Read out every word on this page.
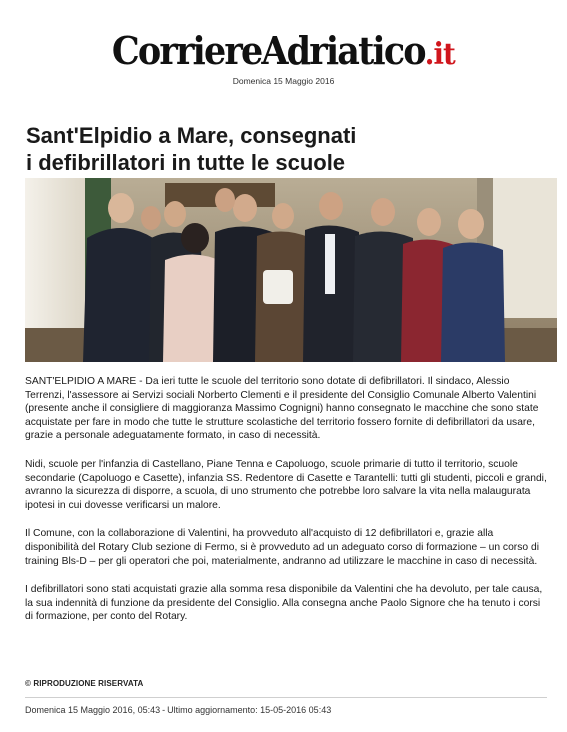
CorriereAdriatico.it
Domenica 15 Maggio 2016
Sant'Elpidio a Mare, consegnati
i defibrillatori in tutte le scuole

SANT'ELPIDIO A MARE - Da ieri tutte le scuole del territorio sono dotate di defibrillatori. Il sindaco, Alessio Terrenzi, l'assessore ai Servizi sociali Norberto Clementi e il presidente del Consiglio Comunale Alberto Valentini (presente anche il consigliere di maggioranza Massimo Cognigni) hanno consegnato le macchine che sono state acquistate per fare in modo che tutte le strutture scolastiche del territorio fossero fornite di defibrillatori da usare, grazie a personale adeguatamente formato, in caso di necessità.

Nidi, scuole per l'infanzia di Castellano, Piane Tenna e Capoluogo, scuole primarie di tutto il territorio, scuole secondarie (Capoluogo e Casette), infanzia SS. Redentore di Casette e Tarantelli: tutti gli studenti, piccoli e grandi, avranno la sicurezza di disporre, a scuola, di uno strumento che potrebbe loro salvare la vita nella malaugurata ipotesi in cui dovesse verificarsi un malore.

Il Comune, con la collaborazione di Valentini, ha provveduto all'acquisto di 12 defibrillatori e, grazie alla disponibilità del Rotary Club sezione di Fermo, si è provveduto ad un adeguato corso di formazione – un corso di training Bls-D – per gli operatori che poi, materialmente, andranno ad utilizzare le macchine in caso di necessità.

I defibrillatori sono stati acquistati grazie alla somma resa disponibile da Valentini che ha devoluto, per tale causa, la sua indennità di funzione da presidente del Consiglio. Alla consegna anche Paolo Signore che ha tenuto i corsi di formazione, per conto del Rotary.

© RIPRODUZIONE RISERVATA
Domenica 15 Maggio 2016, 05:43 - Ultimo aggiornamento: 15-05-2016 05:43
